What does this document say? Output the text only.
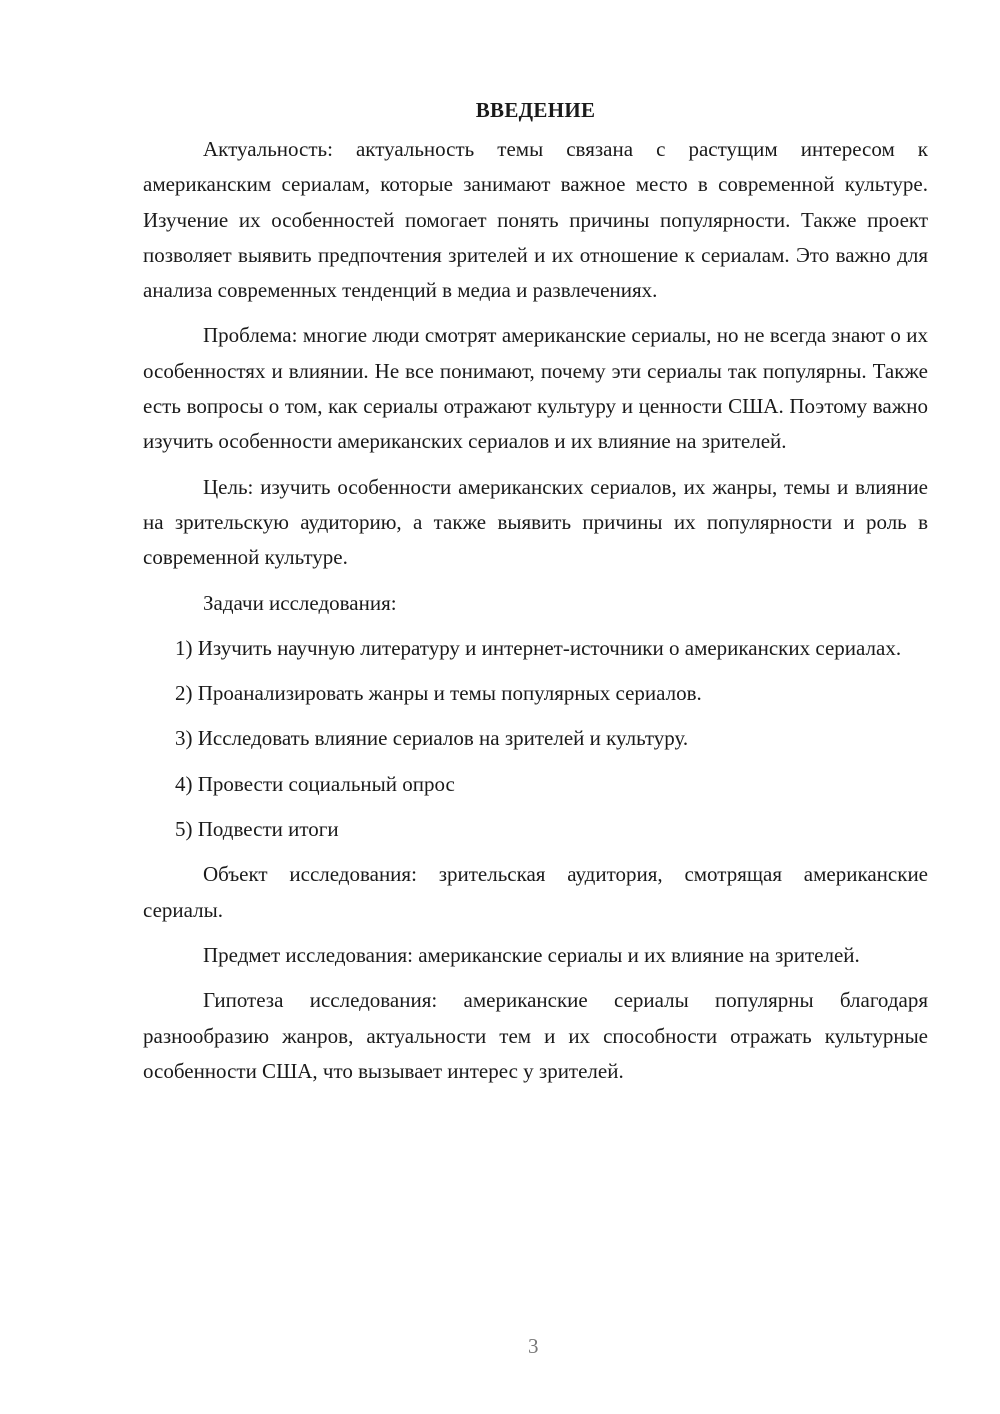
ВВЕДЕНИЕ

Актуальность: актуальность темы связана с растущим интересом к американским сериалам, которые занимают важное место в современной культуре. Изучение их особенностей помогает понять причины популярности. Также проект позволяет выявить предпочтения зрителей и их отношение к сериалам. Это важно для анализа современных тенденций в медиа и развлечениях.

Проблема: многие люди смотрят американские сериалы, но не всегда знают о их особенностях и влиянии. Не все понимают, почему эти сериалы так популярны. Также есть вопросы о том, как сериалы отражают культуру и ценности США. Поэтому важно изучить особенности американских сериалов и их влияние на зрителей.

Цель: изучить особенности американских сериалов, их жанры, темы и влияние на зрительскую аудиторию, а также выявить причины их популярности и роль в современной культуре.

Задачи исследования:

1) Изучить научную литературу и интернет-источники о американских сериалах.

2) Проанализировать жанры и темы популярных сериалов.

3) Исследовать влияние сериалов на зрителей и культуру.

4) Провести социальный опрос

5) Подвести итоги

Объект исследования: зрительская аудитория, смотрящая американские сериалы.

Предмет исследования: американские сериалы и их влияние на зрителей.

Гипотеза исследования: американские сериалы популярны благодаря разнообразию жанров, актуальности тем и их способности отражать культурные особенности США, что вызывает интерес у зрителей.

3
